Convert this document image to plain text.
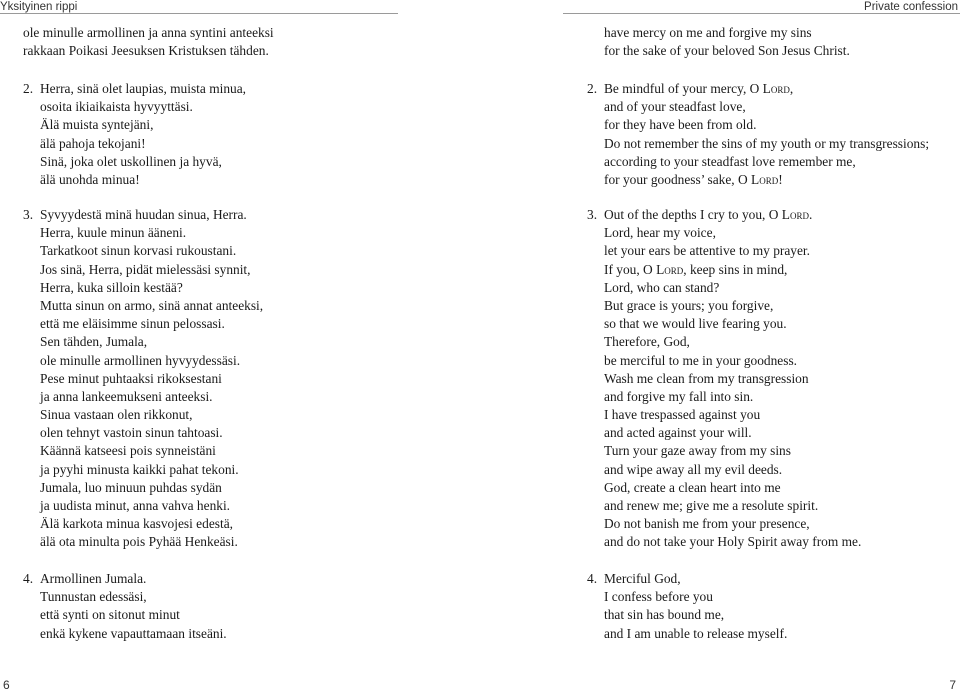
Yksityinen rippi	Private confession
ole minulle armollinen ja anna syntini anteeksi
rakkaan Poikasi Jeesuksen Kristuksen tähden.
2. Herra, sinä olet laupias, muista minua,
osoita ikiaikaista hyvyyttäsi.
Älä muista syntejäni,
älä pahoja tekojani!
Sinä, joka olet uskollinen ja hyvä,
älä unohda minua!
3. Syvyydestä minä huudan sinua, Herra.
Herra, kuule minun ääneni.
Tarkatkoot sinun korvasi rukoustani.
Jos sinä, Herra, pidät mielessäsi synnit,
Herra, kuka silloin kestää?
Mutta sinun on armo, sinä annat anteeksi,
että me eläisimme sinun pelossasi.
Sen tähden, Jumala,
ole minulle armollinen hyvyydessäsi.
Pese minut puhtaaksi rikoksestani
ja anna lankeemukseni anteeksi.
Sinua vastaan olen rikkonut,
olen tehnyt vastoin sinun tahtoasi.
Käännä katseesi pois synneistäni
ja pyyhi minusta kaikki pahat tekoni.
Jumala, luo minuun puhdas sydän
ja uudista minut, anna vahva henki.
Älä karkota minua kasvojesi edestä,
älä ota minulta pois Pyhää Henkeäsi.
4. Armollinen Jumala.
Tunnustan edessäsi,
että synti on sitonut minut
enkä kykene vapauttamaan itseäni.
have mercy on me and forgive my sins
for the sake of your beloved Son Jesus Christ.
2. Be mindful of your mercy, O Lord,
and of your steadfast love,
for they have been from old.
Do not remember the sins of my youth or my transgressions;
according to your steadfast love remember me,
for your goodness’ sake, O Lord!
3. Out of the depths I cry to you, O Lord.
Lord, hear my voice,
let your ears be attentive to my prayer.
If you, O Lord, keep sins in mind,
Lord, who can stand?
But grace is yours; you forgive,
so that we would live fearing you.
Therefore, God,
be merciful to me in your goodness.
Wash me clean from my transgression
and forgive my fall into sin.
I have trespassed against you
and acted against your will.
Turn your gaze away from my sins
and wipe away all my evil deeds.
God, create a clean heart into me
and renew me; give me a resolute spirit.
Do not banish me from your presence,
and do not take your Holy Spirit away from me.
4. Merciful God,
I confess before you
that sin has bound me,
and I am unable to release myself.
6	7
